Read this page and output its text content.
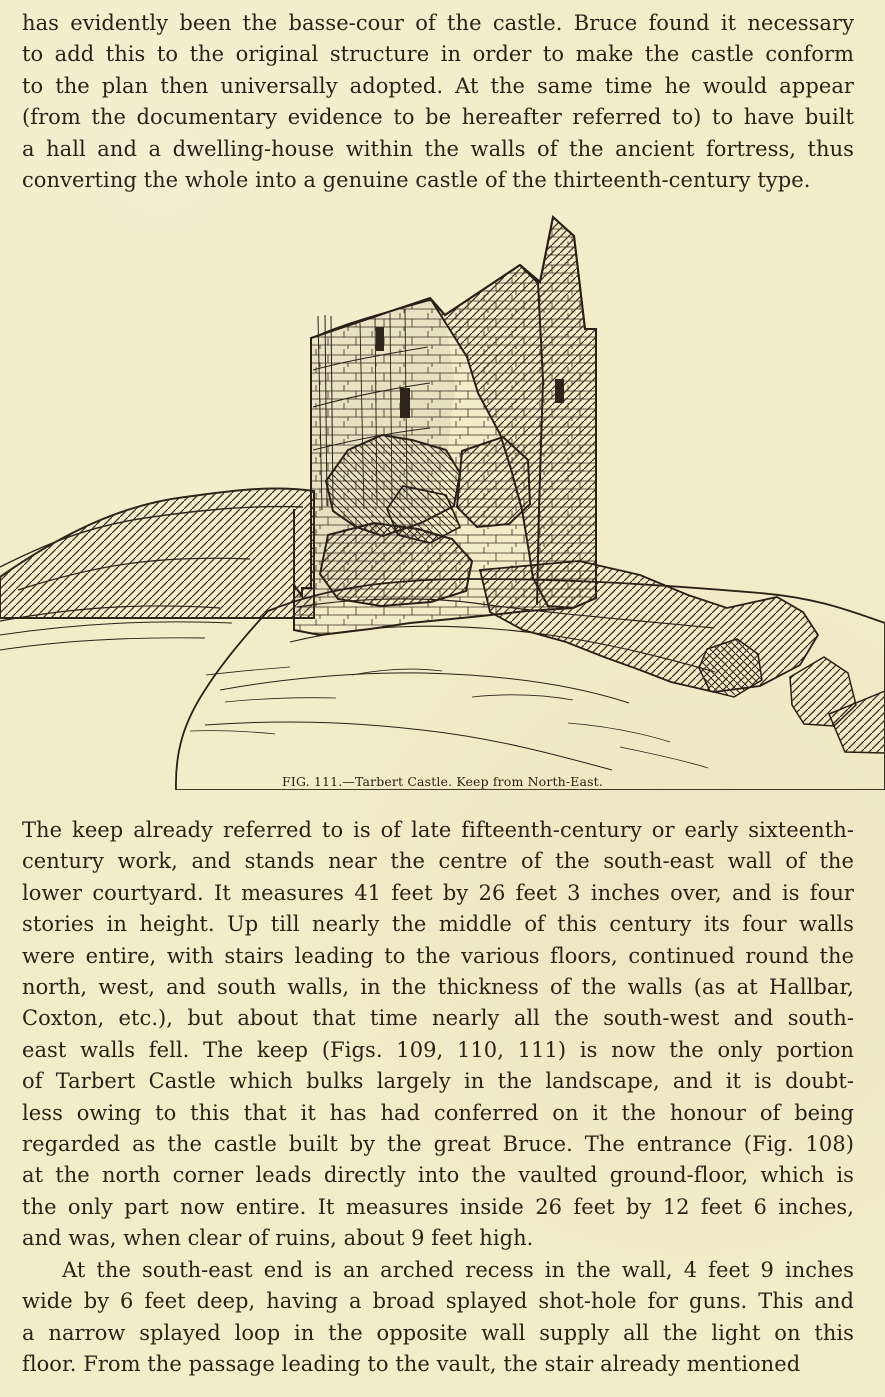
has evidently been the basse-cour of the castle. Bruce found it necessary
to add this to the original structure in order to make the castle conform
to the plan then universally adopted. At the same time he would appear
(from the documentary evidence to be hereafter referred to) to have built
a hall and a dwelling-house within the walls of the ancient fortress, thus
converting the whole into a genuine castle of the thirteenth-century type.

FIG. 111.—Tarbert Castle. Keep from North-East.

The keep already referred to is of late fifteenth-century or early sixteenth-
century work, and stands near the centre of the south-east wall of the
lower courtyard. It measures 41 feet by 26 feet 3 inches over, and is four
stories in height. Up till nearly the middle of this century its four walls
were entire, with stairs leading to the various floors, continued round the
north, west, and south walls, in the thickness of the walls (as at Hallbar,
Coxton, etc.), but about that time nearly all the south-west and south-
east walls fell. The keep (Figs. 109, 110, 111) is now the only portion
of Tarbert Castle which bulks largely in the landscape, and it is doubt-
less owing to this that it has had conferred on it the honour of being
regarded as the castle built by the great Bruce. The entrance (Fig. 108)
at the north corner leads directly into the vaulted ground-floor, which is
the only part now entire. It measures inside 26 feet by 12 feet 6 inches,
and was, when clear of ruins, about 9 feet high.
At the south-east end is an arched recess in the wall, 4 feet 9 inches
wide by 6 feet deep, having a broad splayed shot-hole for guns. This and
a narrow splayed loop in the opposite wall supply all the light on this
floor. From the passage leading to the vault, the stair already mentioned
